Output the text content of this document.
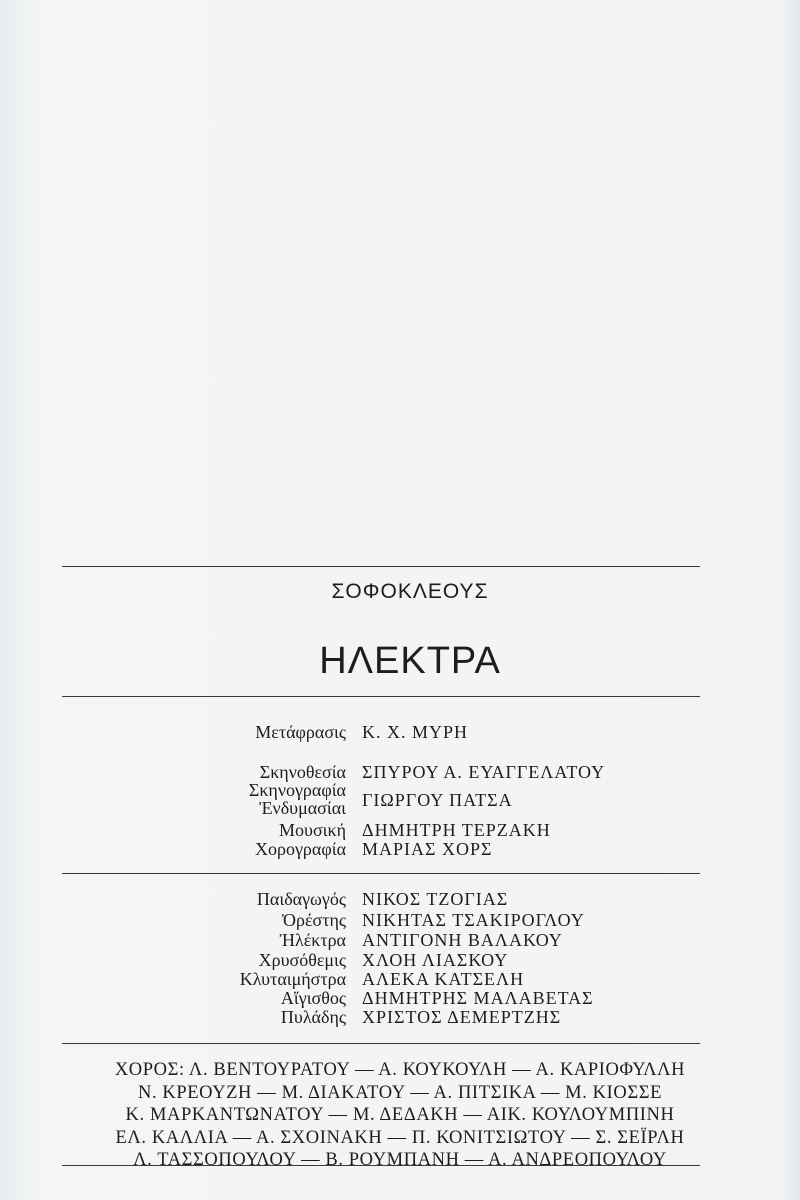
ΣΟΦΟΚΛΕΟΥΣ
ΗΛΕΚΤΡΑ
Μετάφρασις Κ. Χ. ΜΥΡΗ
Σκηνοθεσία ΣΠΥΡΟΥ Α. ΕΥΑΓΓΕΛΑΤΟΥ
Σκηνογραφία
Ἐνδυμασίαι ΓΙΩΡΓΟΥ ΠΑΤΣΑ
Μουσική ΔΗΜΗΤΡΗ ΤΕΡΖΑΚΗ
Χορογραφία ΜΑΡΙΑΣ ΧΟΡΣ
Παιδαγωγός ΝΙΚΟΣ ΤΖΟΓΙΑΣ
Ὀρέστης ΝΙΚΗΤΑΣ ΤΣΑΚΙΡΟΓΛΟΥ
Ἠλέκτρα ΑΝΤΙΓΟΝΗ ΒΑΛΑΚΟΥ
Χρυσόθεμις ΧΛΟΗ ΛΙΑΣΚΟΥ
Κλυταιμήστρα ΑΛΕΚΑ ΚΑΤΣΕΛΗ
Αἴγισθος ΔΗΜΗΤΡΗΣ ΜΑΛΑΒΕΤΑΣ
Πυλάδης ΧΡΙΣΤΟΣ ΔΕΜΕΡΤΖΗΣ
ΧΟΡΟΣ: Λ. ΒΕΝΤΟΥΡΑΤΟΥ — Α. ΚΟΥΚΟΥΛΗ — Α. ΚΑΡΙΟΦΥΛΛΗ
Ν. ΚΡΕΟΥΖΗ — Μ. ΔΙΑΚΑΤΟΥ — Α. ΠΙΤΣΙΚΑ — Μ. ΚΙΟΣΣΕ
Κ. ΜΑΡΚΑΝΤΩΝΑΤΟΥ — Μ. ΔΕΔΑΚΗ — ΑΙΚ. ΚΟΥΛΟΥΜΠΙΝΗ
ΕΛ. ΚΑΛΛΙΑ — Α. ΣΧΟΙΝΑΚΗ — Π. ΚΟΝΙΤΣΙΩΤΟΥ — Σ. ΣΕΪΡΛΗ
Λ. ΤΑΣΣΟΠΟΥΛΟΥ — Β. ΡΟΥΜΠΑΝΗ — Α. ΑΝΔΡΕΟΠΟΥΛΟΥ
